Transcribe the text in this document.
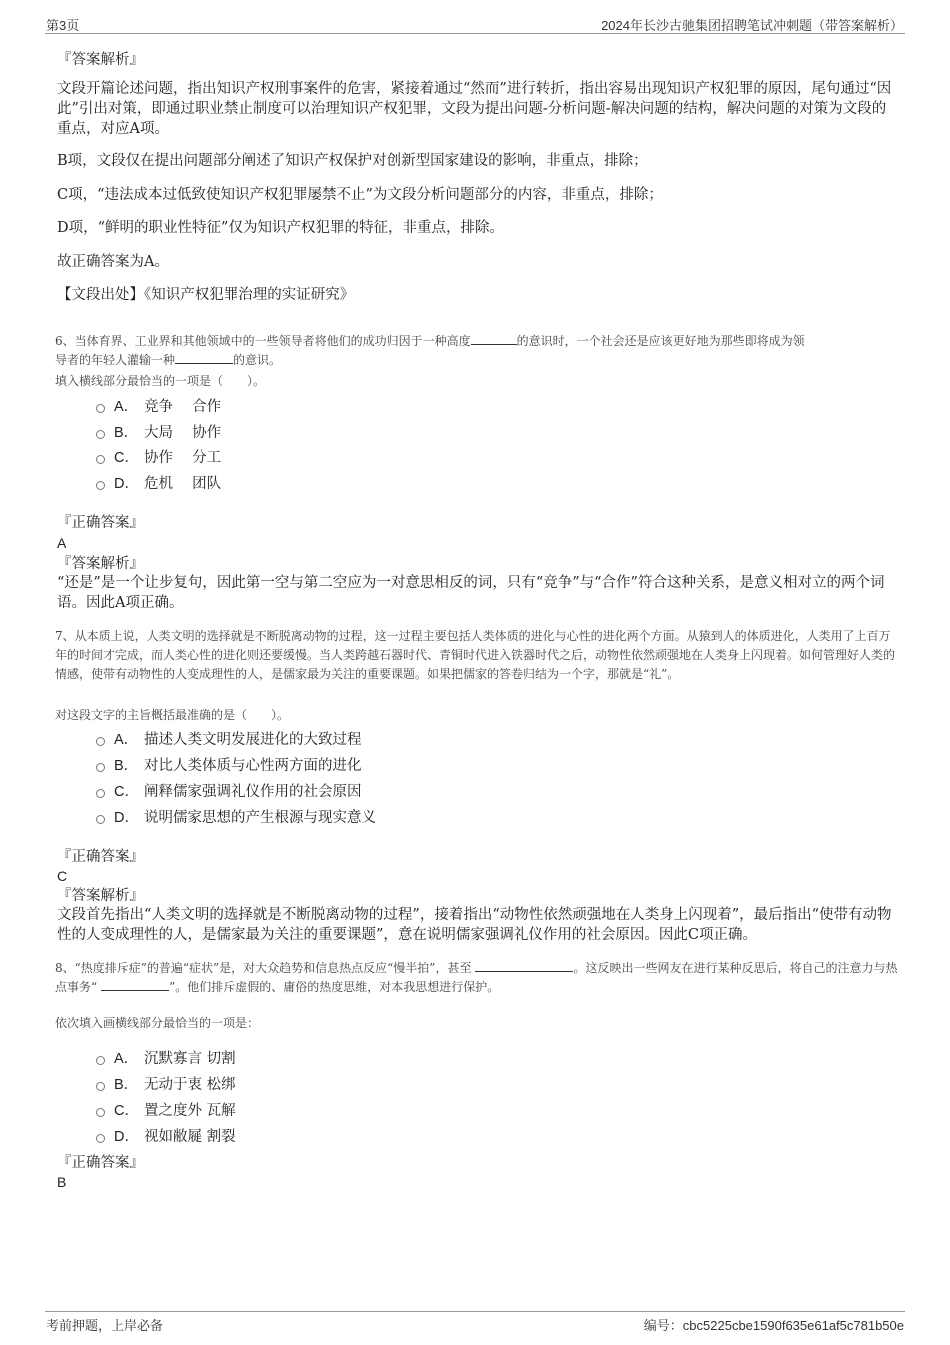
第3页	2024年长沙古驰集团招聘笔试冲刺题（带答案解析）
『答案解析』

文段开篇论述问题，指出知识产权刑事案件的危害，紧接着通过“然而”进行转折，指出容易出现知识产权犯罪的原因，尾句通过“因此”引出对策，即通过职业禁止制度可以治理知识产权犯罪，文段为提出问题-分析问题-解决问题的结构，解决问题的对策为文段的重点，对应A项。

B项，文段仅在提出问题部分阐述了知识产权保护对创新型国家建设的影响，非重点，排除；

C项，“违法成本过低致使知识产权犯罪屡禁不止”为文段分析问题部分的内容，非重点，排除；

D项，“鲜明的职业性特征”仅为知识产权犯罪的特征，非重点，排除。

故正确答案为A。

【文段出处】《知识产权犯罪治理的实证研究》

6、当体育界、工业界和其他领域中的一些领导者将他们的成功归因于一种高度	的意识时，一个社会还是应该更好地为那些即将成为领
导者的年轻人灌输一种	的意识。

填入横线部分最恰当的一项是（　　）。

A． 竞争　 合作
B． 大局　 协作
C． 协作　 分工
D． 危机　 团队
『正确答案』
A
『答案解析』

“还是”是一个让步复句，因此第一空与第二空应为一对意思相反的词，只有“竞争”与“合作”符合这种关系，是意义相对立的两个词语。因此A项正确。

7、从本质上说，人类文明的选择就是不断脱离动物的过程，这一过程主要包括人类体质的进化与心性的进化两个方面。从猿到人的体质进化，人类用了上百万年的时间才完成，而人类心性的进化则还要缓慢。当人类跨越石器时代、青铜时代进入铁器时代之后，动物性依然顽强地在人类身上闪现着。如何管理好人类的情感，使带有动物性的人变成理性的人，是儒家最为关注的重要课题。如果把儒家的答卷归结为一个字，那就是“礼”。

对这段文字的主旨概括最准确的是（　　）。

A． 描述人类文明发展进化的大致过程
B． 对比人类体质与心性两方面的进化
C． 阐释儒家强调礼仪作用的社会原因
D． 说明儒家思想的产生根源与现实意义
『正确答案』
C
『答案解析』

文段首先指出“人类文明的选择就是不断脱离动物的过程”，接着指出“动物性依然顽强地在人类身上闪现着”，最后指出“使带有动物性的人变成理性的人，是儒家最为关注的重要课题”，意在说明儒家强调礼仪作用的社会原因。因此C项正确。

8、“热度排斥症”的普遍“症状”是，对大众趋势和信息热点反应“慢半拍”，甚至	。这反映出一些网友在进行某种反思后，将自己的注意力与热点事务“	”。他们排斥虚假的、庸俗的热度思维，对本我思想进行保护。

依次填入画横线部分最恰当的一项是：

A． 沉默寡言 切割
B． 无动于衷 松绑
C． 置之度外 瓦解
D． 视如敝屣 割裂
『正确答案』
B
考前押题，上岸必备	编号：cbc5225cbe1590f635e61af5c781b50e
